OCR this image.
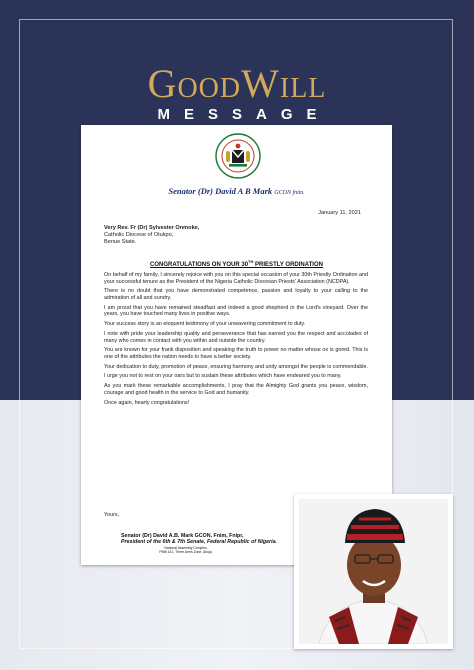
GoodWill
MESSAGE
Senator (Dr) David A B Mark GCON fnim.
January 11, 2021
Very Rev. Fr (Dr) Sylvester Onmoke,
Catholic Diocese of Otukpo,
Benue State.
CONGRATULATIONS ON YOUR 30TH PRIESTLY ORDINATION

On behalf of my family, I sincerely rejoice with you on this special occasion of your 30th Priestly Ordination and your successful tenure as the President of the Nigeria Catholic Diocesan Priests' Association (NCDPA).

There is no doubt that you have demonstrated competence, passion and loyalty to your calling to the admiration of all and sundry.

I am proud that you have remained steadfast and indeed a good shepherd in the Lord's vineyard. Over the years, you have touched many lives in positive ways.

Your success story is an eloquent testimony of your unwavering commitment to duty.

I note with pride your leadership quality and perseverance that has earned you the respect and accolades of many who comes in contact with you within and outside the country.

You are known for your frank disposition and speaking the truth to power no matter whose ox is gored. This is one of the attributes the nation needs to have a better society.

Your dedication to duty, promotion of peace, ensuring harmony and unity amongst the people is commendable.

I urge you not to rest on your oars but to sustain these attributes which have endeared you to many.

As you mark these remarkable accomplishments, I pray that the Almighty God grants you peace, wisdom, courage and good health in the service to God and humanity.

Once again, hearty congratulations!

Yours,
Senator (Dr) David A.B. Mark GCON, Fnim, Fnipr,
President of the 6th & 7th Senate, Federal Republic of Nigeria.
National Assembly Complex,
PMB 141, Three Arms Zone, Abuja.
